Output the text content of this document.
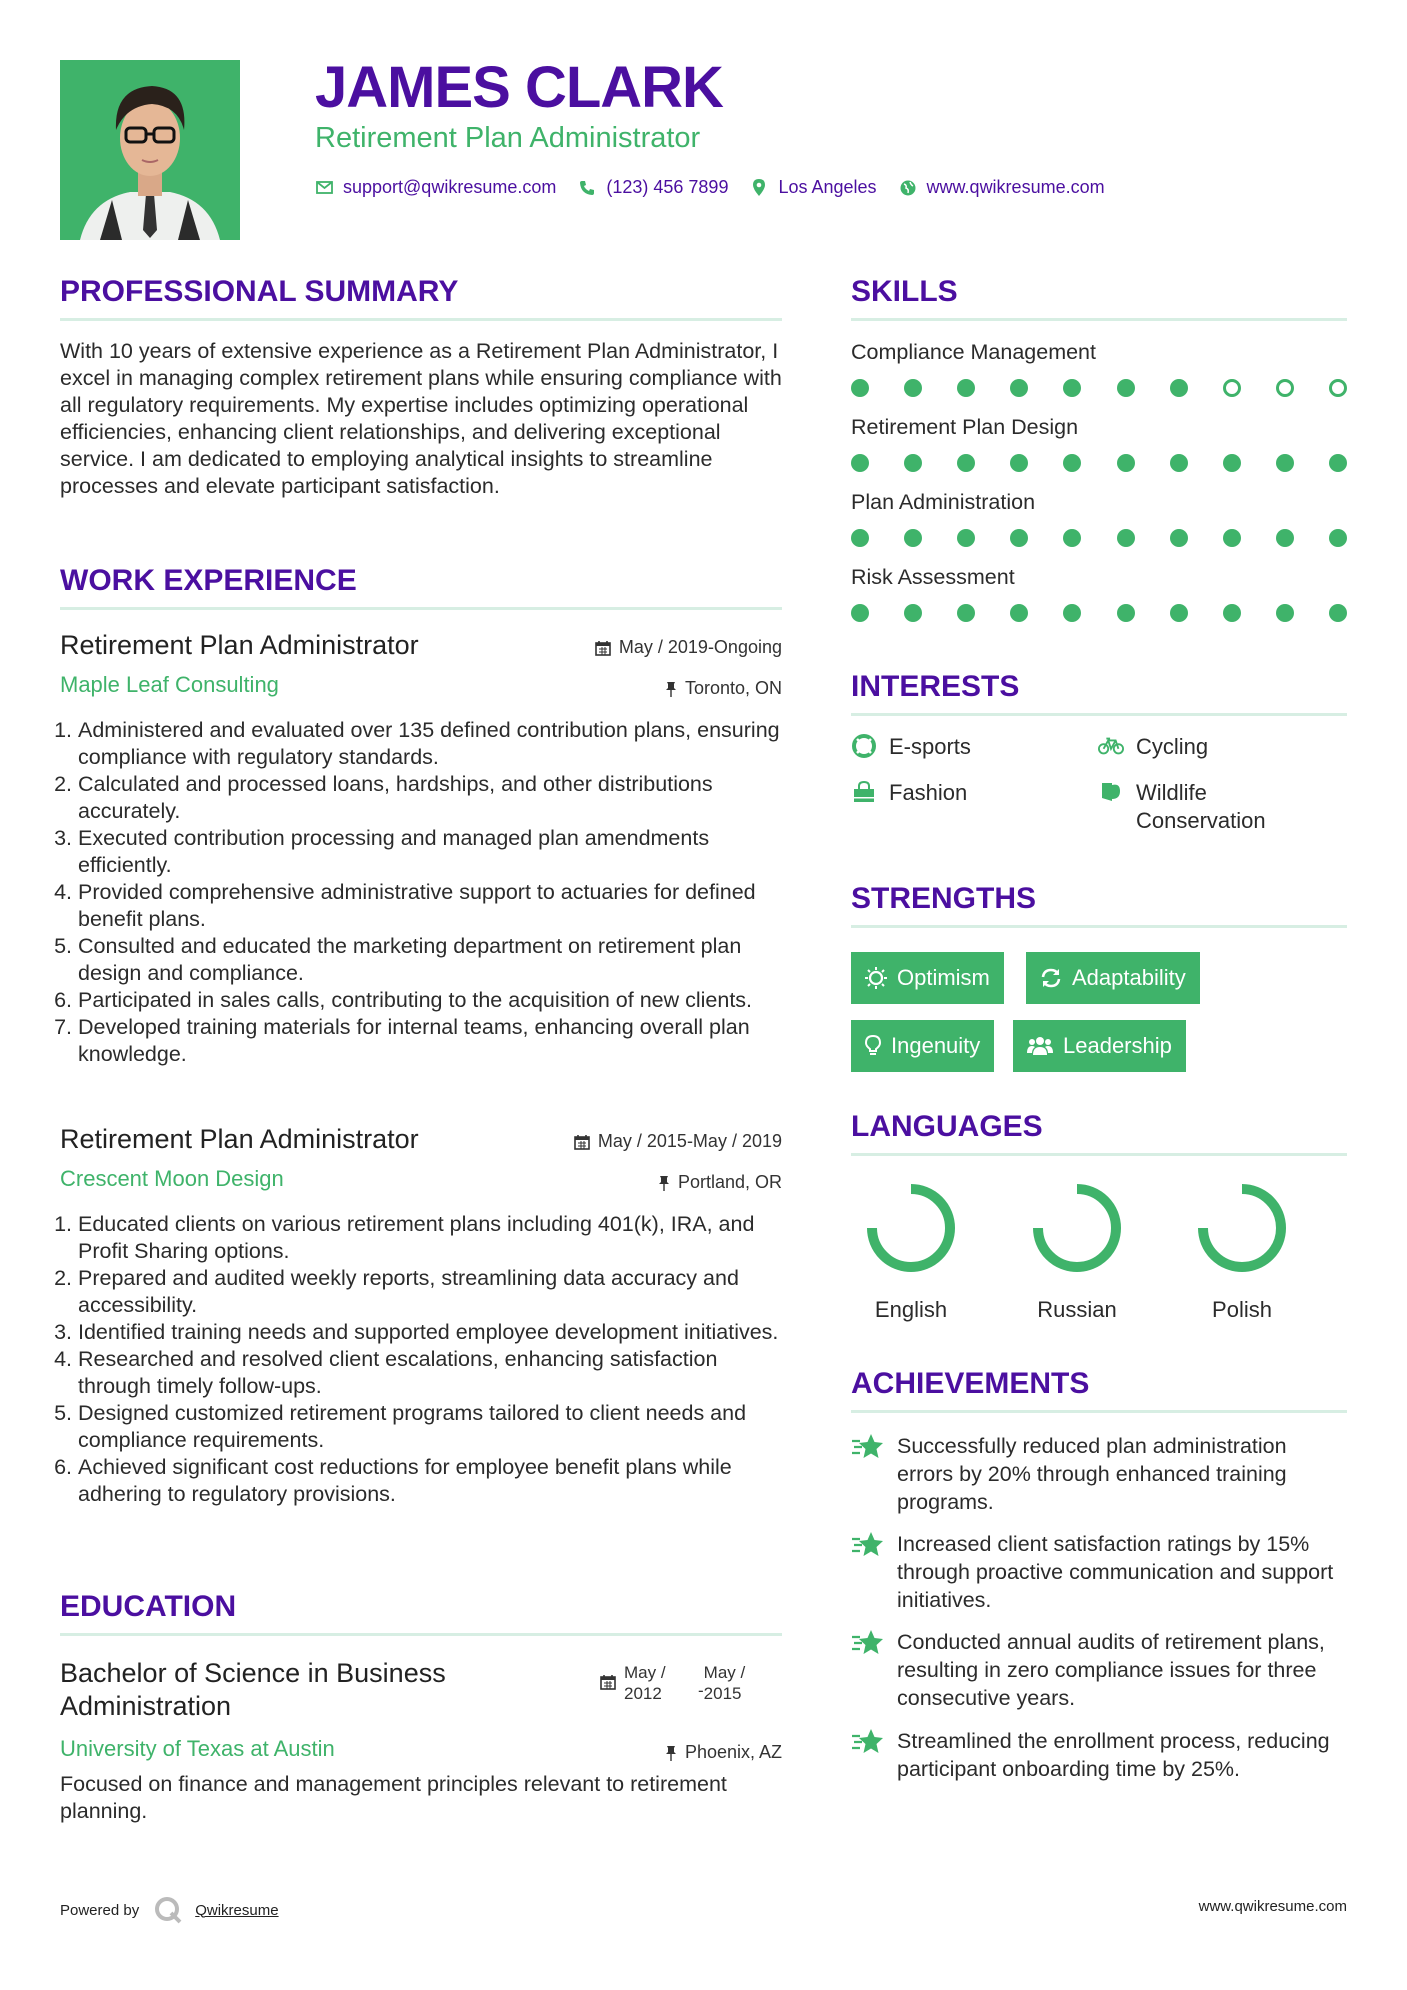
JAMES CLARK
Retirement Plan Administrator
support@qwikresume.com	(123) 456 7899	Los Angeles	www.qwikresume.com
PROFESSIONAL SUMMARY
With 10 years of extensive experience as a Retirement Plan Administrator, I excel in managing complex retirement plans while ensuring compliance with all regulatory requirements. My expertise includes optimizing operational efficiencies, enhancing client relationships, and delivering exceptional service. I am dedicated to employing analytical insights to streamline processes and elevate participant satisfaction.
WORK EXPERIENCE
Retirement Plan Administrator	May / 2019-Ongoing
Maple Leaf Consulting	Toronto, ON
1. Administered and evaluated over 135 defined contribution plans, ensuring compliance with regulatory standards.
2. Calculated and processed loans, hardships, and other distributions accurately.
3. Executed contribution processing and managed plan amendments efficiently.
4. Provided comprehensive administrative support to actuaries for defined benefit plans.
5. Consulted and educated the marketing department on retirement plan design and compliance.
6. Participated in sales calls, contributing to the acquisition of new clients.
7. Developed training materials for internal teams, enhancing overall plan knowledge.
Retirement Plan Administrator	May / 2015-May / 2019
Crescent Moon Design	Portland, OR
1. Educated clients on various retirement plans including 401(k), IRA, and Profit Sharing options.
2. Prepared and audited weekly reports, streamlining data accuracy and accessibility.
3. Identified training needs and supported employee development initiatives.
4. Researched and resolved client escalations, enhancing satisfaction through timely follow-ups.
5. Designed customized retirement programs tailored to client needs and compliance requirements.
6. Achieved significant cost reductions for employee benefit plans while adhering to regulatory provisions.
EDUCATION
Bachelor of Science in Business Administration
May / 2012	-
May / 2015
University of Texas at Austin	Phoenix, AZ
Focused on finance and management principles relevant to retirement planning.
SKILLS
Compliance Management
Retirement Plan Design
Plan Administration
Risk Assessment
INTERESTS
E-sports	Cycling
Fashion	Wildlife Conservation
STRENGTHS
Optimism	Adaptability
Ingenuity	Leadership
LANGUAGES
English	Russian	Polish
ACHIEVEMENTS
Successfully reduced plan administration errors by 20% through enhanced training programs.
Increased client satisfaction ratings by 15% through proactive communication and support initiatives.
Conducted annual audits of retirement plans, resulting in zero compliance issues for three consecutive years.
Streamlined the enrollment process, reducing participant onboarding time by 25%.
Powered by	Qwikresume	www.qwikresume.com
